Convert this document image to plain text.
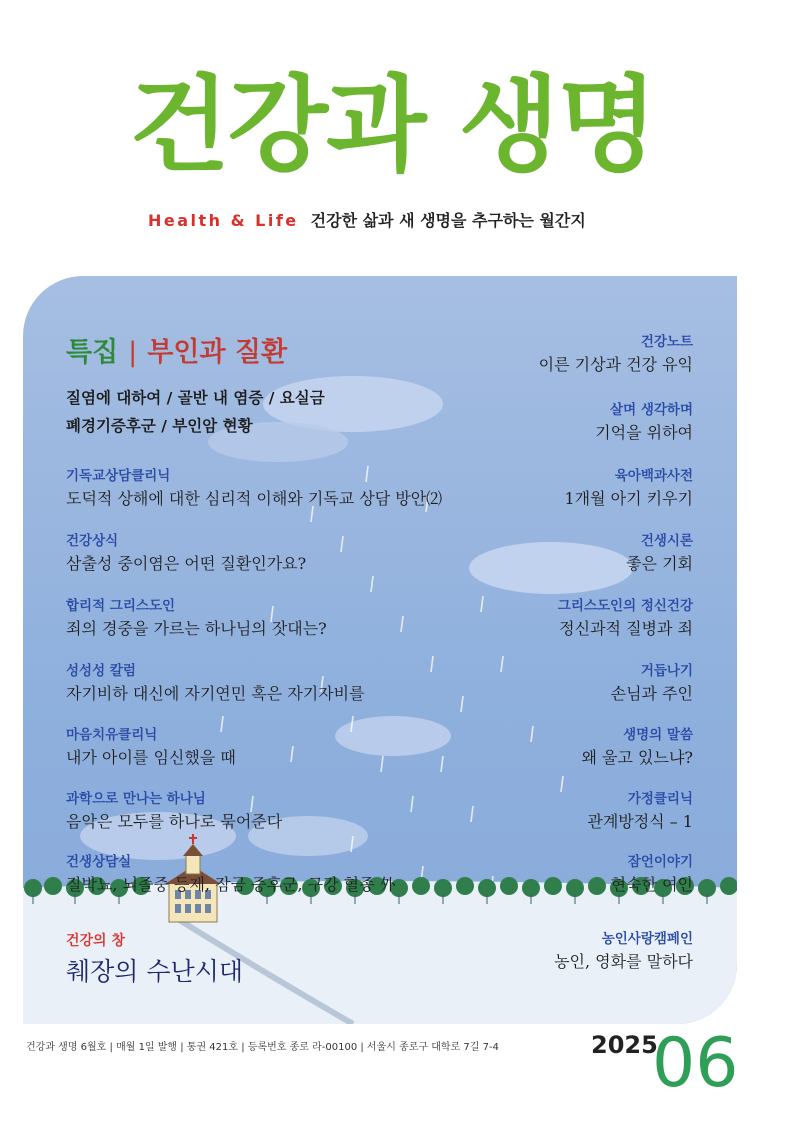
건강과 생명
Health & Life 건강한 삶과 새 생명을 추구하는 월간지
특집 | 부인과 질환
질염에 대하여 / 골반 내 염증 / 요실금
폐경기증후군 / 부인암 현황
기독교상담클리닉
도덕적 상해에 대한 심리적 이해와 기독교 상담 방안⑵
건강상식
삼출성 중이염은 어떤 질환인가요?
합리적 그리스도인
죄의 경중을 가르는 하나님의 잣대는?
성성성 칼럼
자기비하 대신에 자기연민 혹은 자기자비를
마음치유클리닉
내가 아이를 임신했을 때
과학으로 만나는 하나님
음악은 모두를 하나로 묶어준다
건생상담실
질박뇨, 뇌졸중 등제, 잠금 증후군, 구강 혈종 外
건강노트
이른 기상과 건강 유익
살며 생각하며
기억을 위하여
육아백과사전
1개월 아기 키우기
건생시론
좋은 기회
그리스도인의 정신건강
정신과적 질병과 죄
거듭나기
손님과 주인
생명의 말씀
왜 울고 있느냐?
가정클리닉
관계방정식 – 1
잠언이야기
현숙한 여인
농인사랑캠페인
농인, 영화를 말하다
건강의 창
췌장의 수난시대
건강과 생명 6월호 | 매월 1일 발행 | 통권 421호 | 등록번호 종로 라-00100 | 서울시 종로구 대학로 7길 7-4	2025
06
